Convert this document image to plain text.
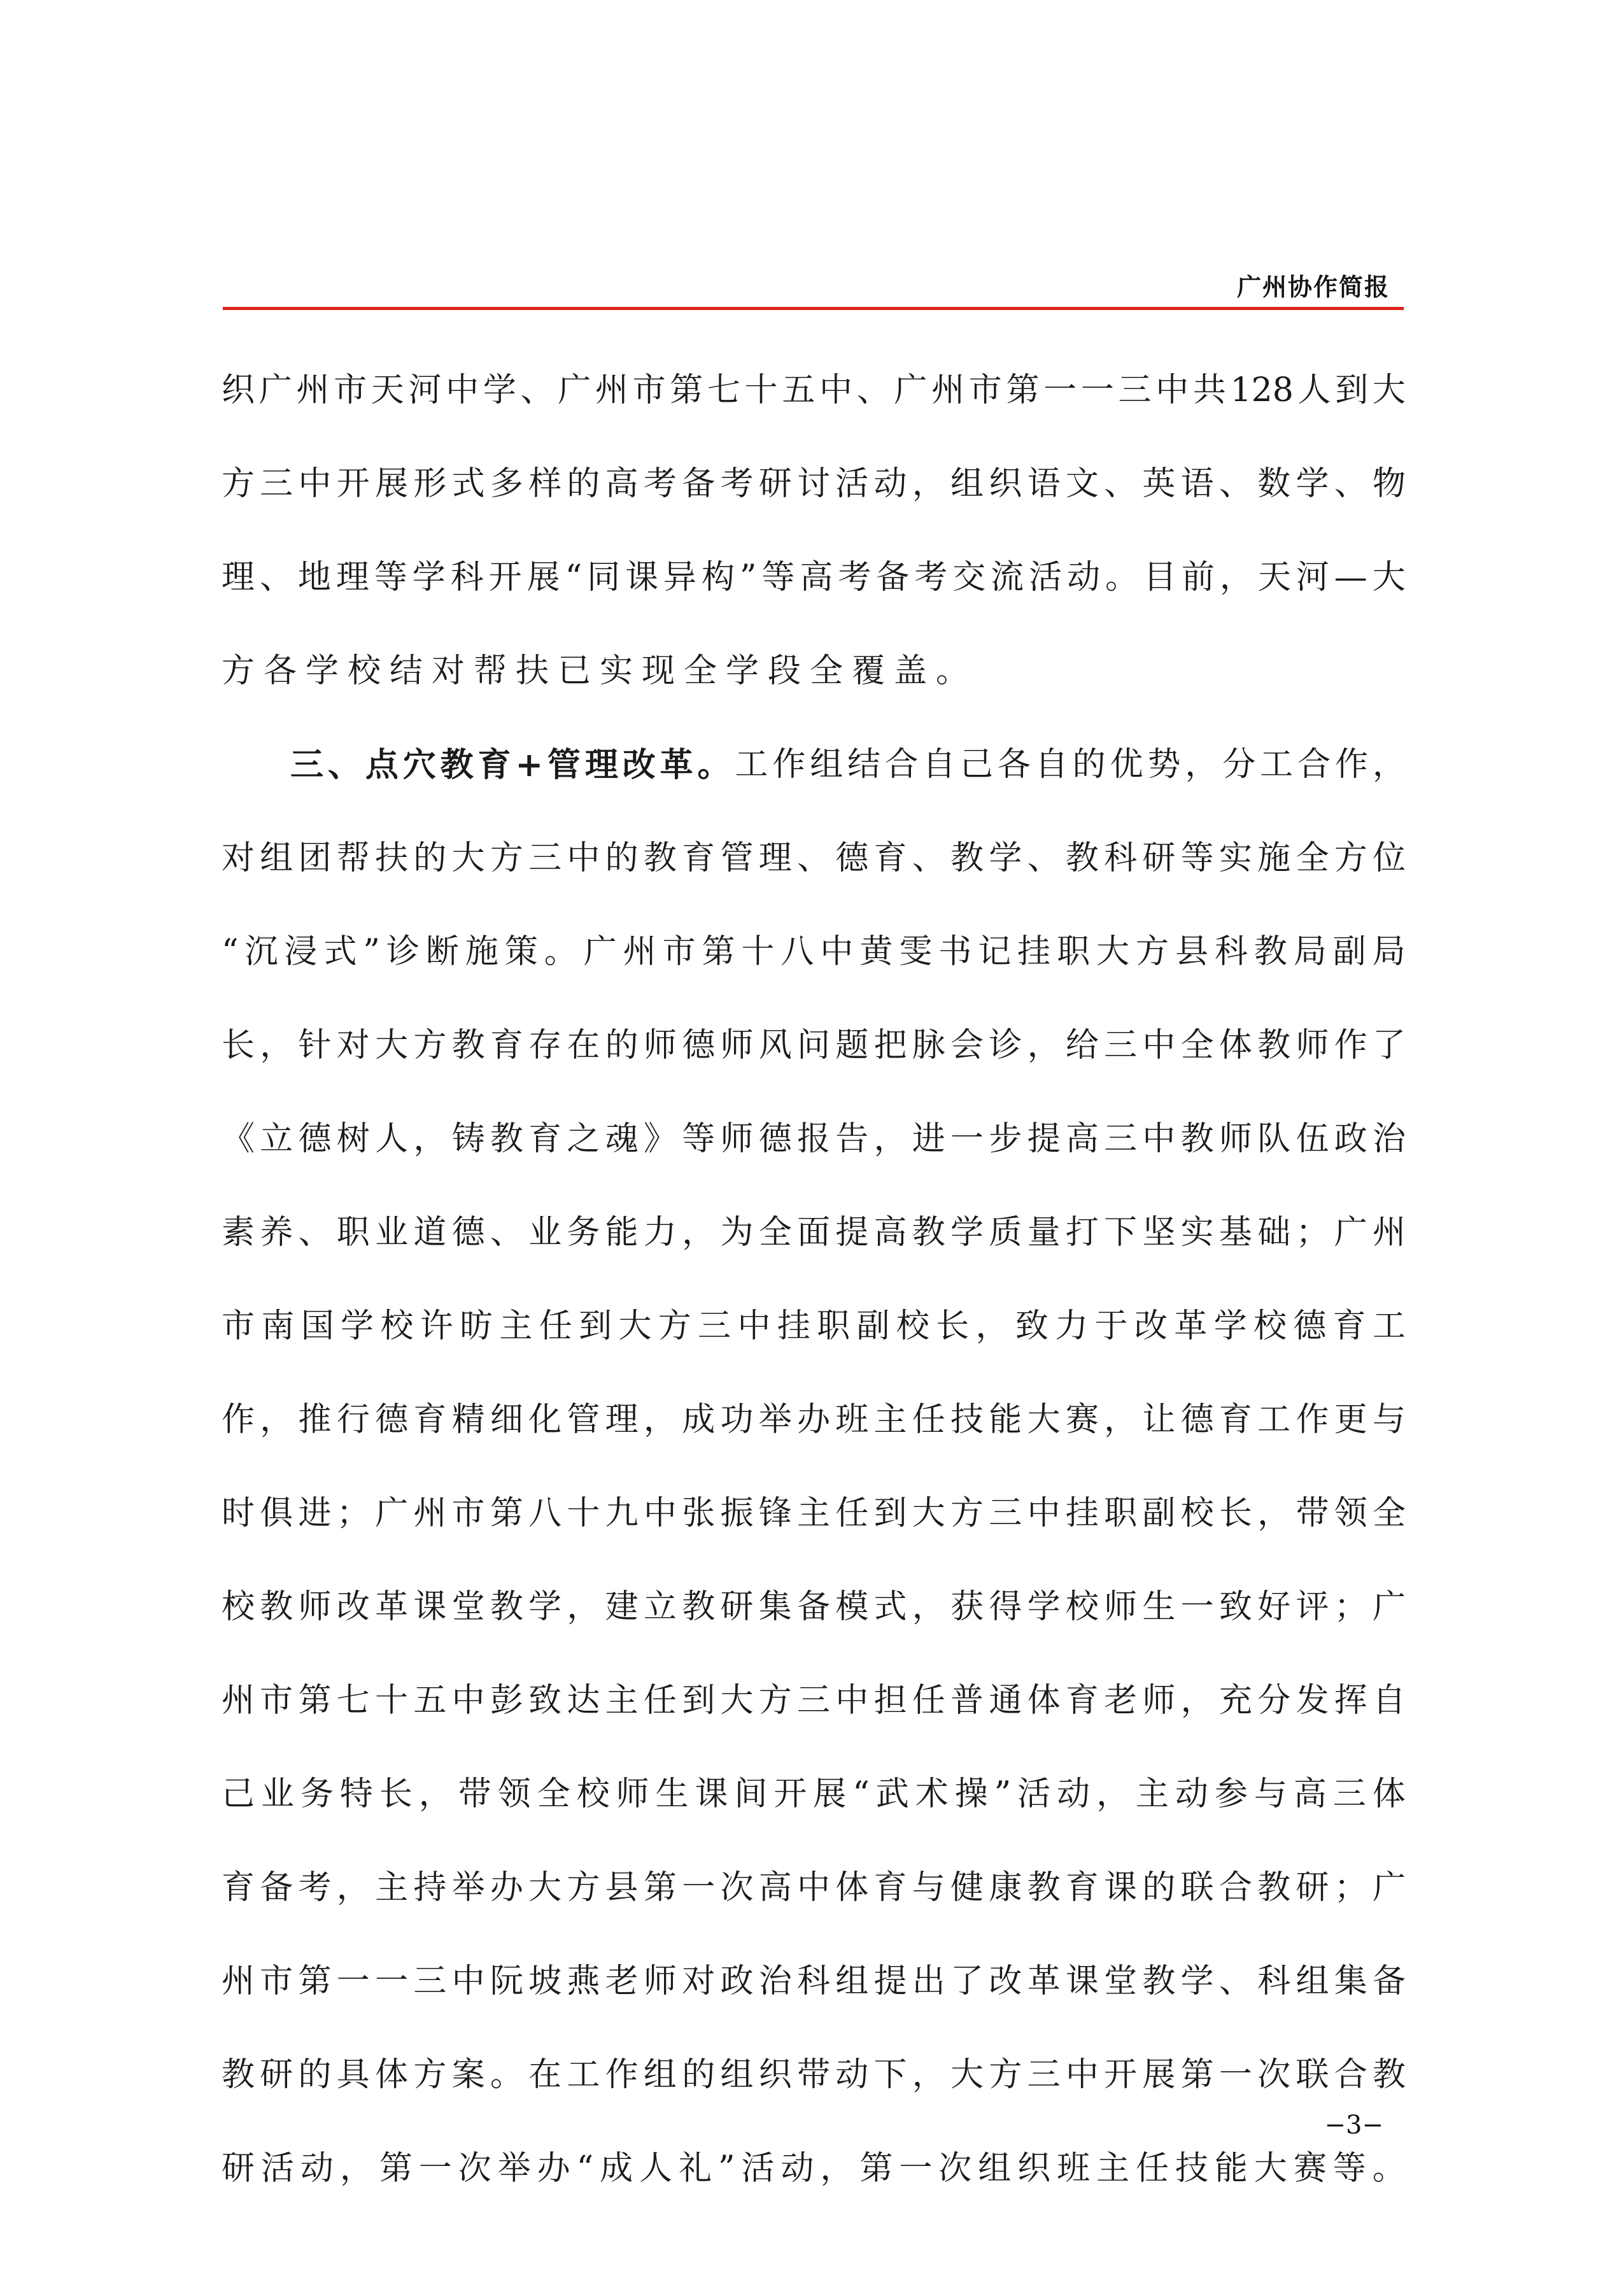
广州协作简报
织 广 州 市 天 河 中 学 、 广 州 市 第 七 十 五 中 、 广 州 市 第 一 一 三 中 共 128 人 到 大
方 三 中 开 展 形 式 多 样 的 高 考 备 考 研 讨 活 动 ， 组 织 语 文 、 英 语 、 数 学 、 物
理 、 地 理 等 学 科 开 展 “ 同 课 异 构 ” 等 高 考 备 考 交 流 活 动 。 目 前 ， 天 河 — 大
方各学校结对帮扶已实现全学段全覆盖。
三 、 点 穴 教 育 + 管 理 改 革 。 工 作 组 结 合 自 己 各 自 的 优 势 ， 分 工 合 作 ，
对 组 团 帮 扶 的 大 方 三 中 的 教 育 管 理 、 德 育 、 教 学 、 教 科 研 等 实 施 全 方 位
“ 沉 浸 式 ” 诊 断 施 策 。 广 州 市 第 十 八 中 黄 雯 书 记 挂 职 大 方 县 科 教 局 副 局
长 ， 针 对 大 方 教 育 存 在 的 师 德 师 风 问 题 把 脉 会 诊 ， 给 三 中 全 体 教 师 作 了
《 立 德 树 人 ， 铸 教 育 之 魂 》 等 师 德 报 告 ， 进 一 步 提 高 三 中 教 师 队 伍 政 治
素 养 、 职 业 道 德 、 业 务 能 力 ， 为 全 面 提 高 教 学 质 量 打 下 坚 实 基 础 ； 广 州
市 南 国 学 校 许 昉 主 任 到 大 方 三 中 挂 职 副 校 长 ， 致 力 于 改 革 学 校 德 育 工
作 ， 推 行 德 育 精 细 化 管 理 ， 成 功 举 办 班 主 任 技 能 大 赛 ， 让 德 育 工 作 更 与
时 俱 进 ； 广 州 市 第 八 十 九 中 张 振 锋 主 任 到 大 方 三 中 挂 职 副 校 长 ， 带 领 全
校 教 师 改 革 课 堂 教 学 ， 建 立 教 研 集 备 模 式 ， 获 得 学 校 师 生 一 致 好 评 ； 广
州 市 第 七 十 五 中 彭 致 达 主 任 到 大 方 三 中 担 任 普 通 体 育 老 师 ， 充 分 发 挥 自
己 业 务 特 长 ， 带 领 全 校 师 生 课 间 开 展 “ 武 术 操 ” 活 动 ， 主 动 参 与 高 三 体
育 备 考 ， 主 持 举 办 大 方 县 第 一 次 高 中 体 育 与 健 康 教 育 课 的 联 合 教 研 ； 广
州 市 第 一 一 三 中 阮 坡 燕 老 师 对 政 治 科 组 提 出 了 改 革 课 堂 教 学 、 科 组 集 备
教 研 的 具 体 方 案 。 在 工 作 组 的 组 织 带 动 下 ， 大 方 三 中 开 展 第 一 次 联 合 教
研 活 动 ， 第 一 次 举 办 “ 成 人 礼 ” 活 动 ， 第 一 次 组 织 班 主 任 技 能 大 赛 等 。
−3−
